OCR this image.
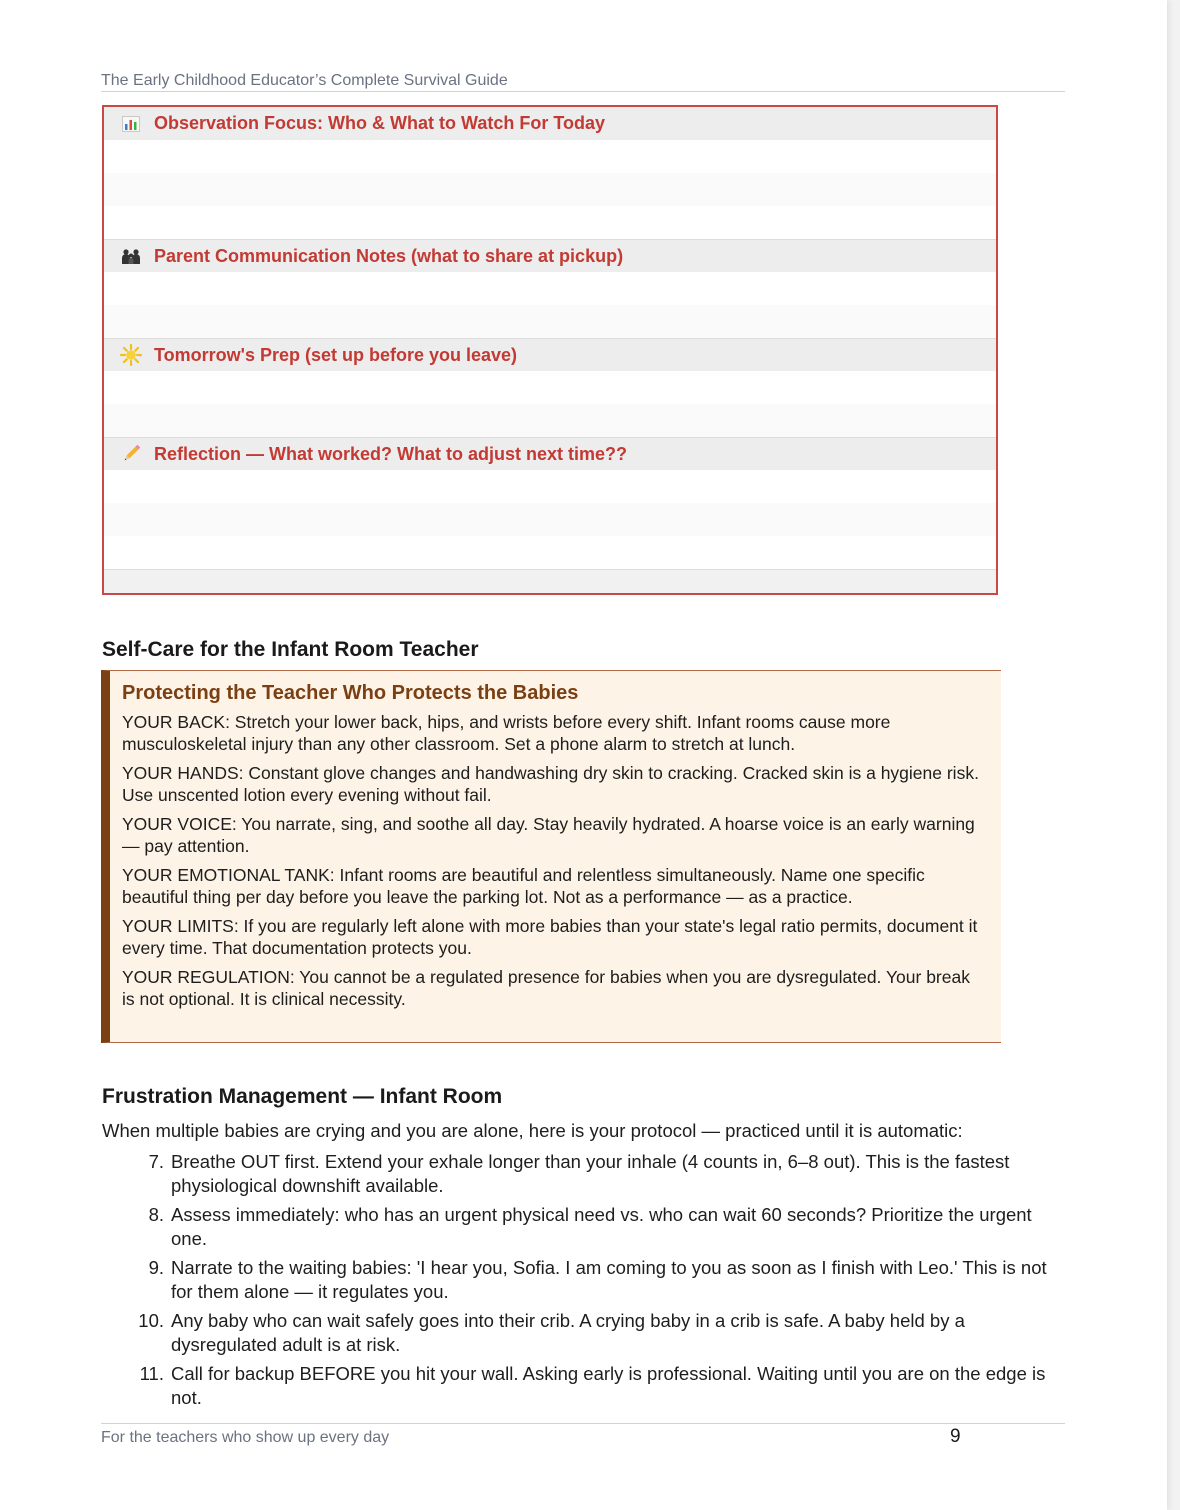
The Early Childhood Educator’s Complete Survival Guide
Observation Focus: Who & What to Watch For Today
Parent Communication Notes (what to share at pickup)
Tomorrow's Prep (set up before you leave)
Reflection — What worked? What to adjust next time??
Self-Care for the Infant Room Teacher
Protecting the Teacher Who Protects the Babies
YOUR BACK: Stretch your lower back, hips, and wrists before every shift. Infant rooms cause more musculoskeletal injury than any other classroom. Set a phone alarm to stretch at lunch.
YOUR HANDS: Constant glove changes and handwashing dry skin to cracking. Cracked skin is a hygiene risk. Use unscented lotion every evening without fail.
YOUR VOICE: You narrate, sing, and soothe all day. Stay heavily hydrated. A hoarse voice is an early warning — pay attention.
YOUR EMOTIONAL TANK: Infant rooms are beautiful and relentless simultaneously. Name one specific beautiful thing per day before you leave the parking lot. Not as a performance — as a practice.
YOUR LIMITS: If you are regularly left alone with more babies than your state's legal ratio permits, document it every time. That documentation protects you.
YOUR REGULATION: You cannot be a regulated presence for babies when you are dysregulated. Your break is not optional. It is clinical necessity.
Frustration Management — Infant Room
When multiple babies are crying and you are alone, here is your protocol — practiced until it is automatic:
7. Breathe OUT first. Extend your exhale longer than your inhale (4 counts in, 6–8 out). This is the fastest physiological downshift available.
8. Assess immediately: who has an urgent physical need vs. who can wait 60 seconds? Prioritize the urgent one.
9. Narrate to the waiting babies: 'I hear you, Sofia. I am coming to you as soon as I finish with Leo.' This is not for them alone — it regulates you.
10. Any baby who can wait safely goes into their crib. A crying baby in a crib is safe. A baby held by a dysregulated adult is at risk.
11. Call for backup BEFORE you hit your wall. Asking early is professional. Waiting until you are on the edge is not.
For the teachers who show up every day	9
